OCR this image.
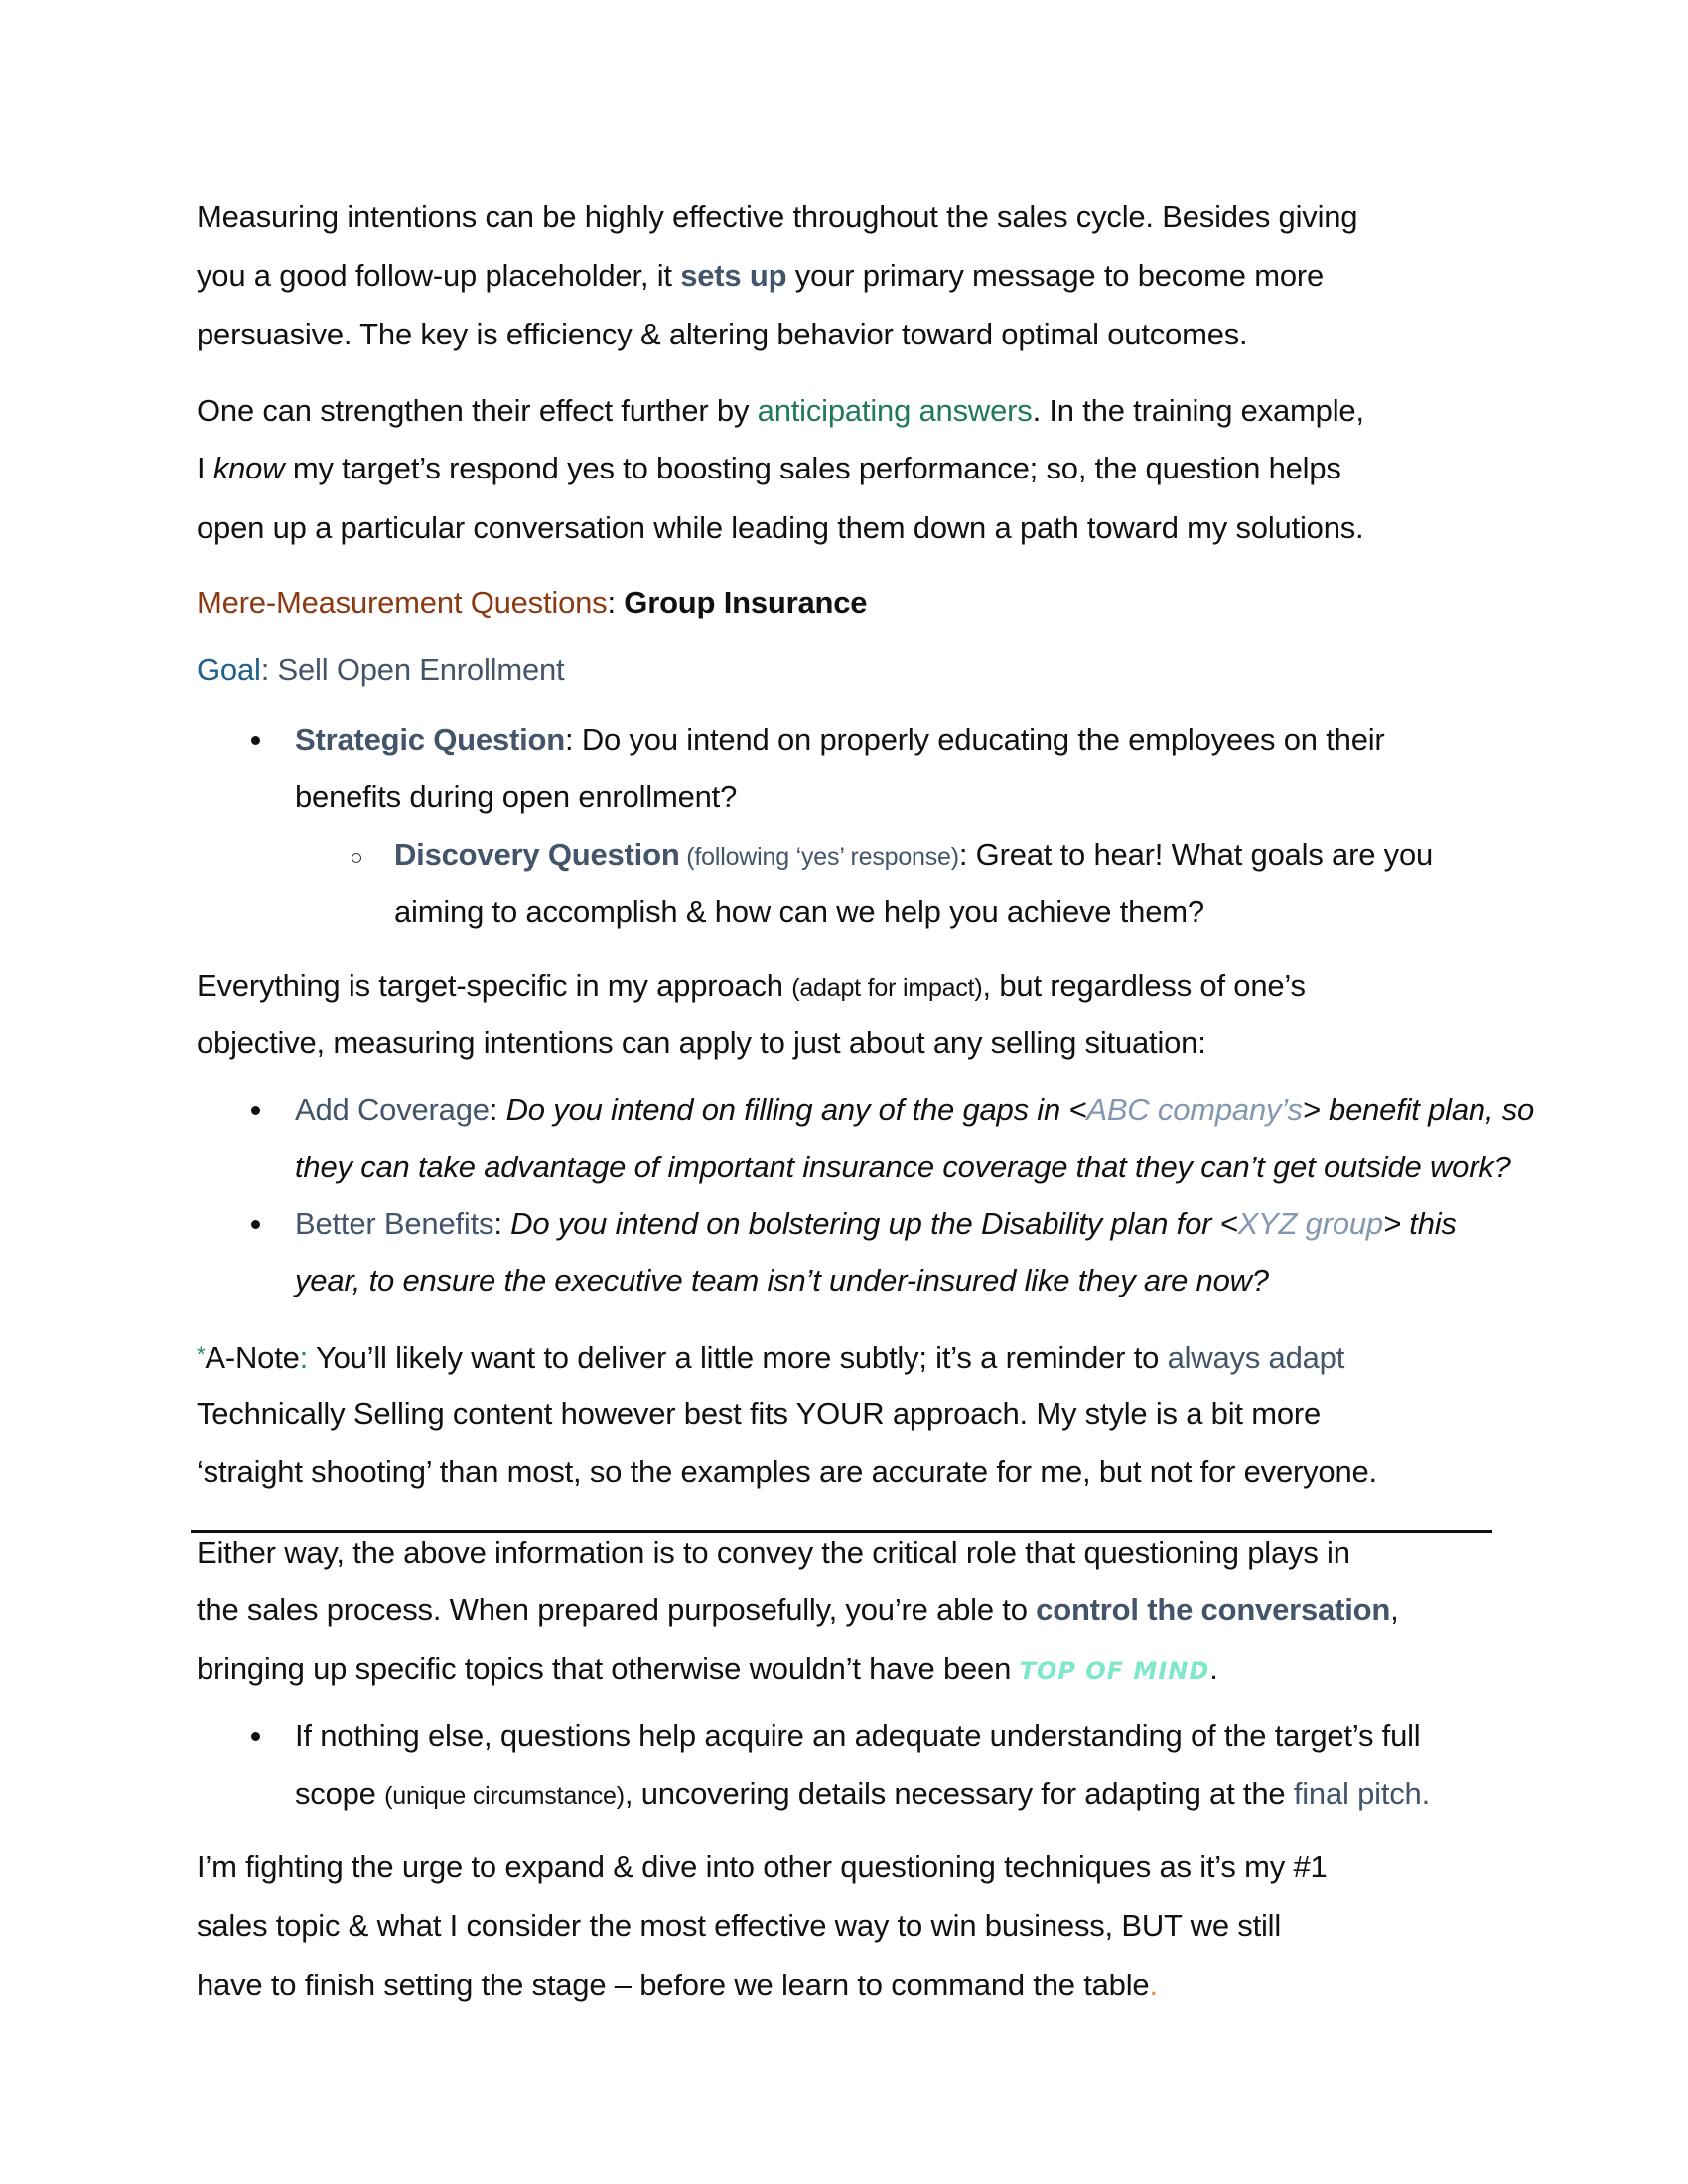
Measuring intentions can be highly effective throughout the sales cycle. Besides giving
you a good follow-up placeholder, it sets up your primary message to become more
persuasive. The key is efficiency & altering behavior toward optimal outcomes.
One can strengthen their effect further by anticipating answers. In the training example,
I know my target’s respond yes to boosting sales performance; so, the question helps
open up a particular conversation while leading them down a path toward my solutions.
Mere-Measurement Questions: Group Insurance
Goal: Sell Open Enrollment
Strategic Question: Do you intend on properly educating the employees on their
benefits during open enrollment?
Discovery Question (following ‘yes’ response): Great to hear! What goals are you
aiming to accomplish & how can we help you achieve them?
Everything is target-specific in my approach (adapt for impact), but regardless of one’s
objective, measuring intentions can apply to just about any selling situation:
Add Coverage: Do you intend on filling any of the gaps in <ABC company’s> benefit plan, so
they can take advantage of important insurance coverage that they can’t get outside work?
Better Benefits: Do you intend on bolstering up the Disability plan for <XYZ group> this
year, to ensure the executive team isn’t under-insured like they are now?
*A-Note: You’ll likely want to deliver a little more subtly; it’s a reminder to always adapt
Technically Selling content however best fits YOUR approach. My style is a bit more
‘straight shooting’ than most, so the examples are accurate for me, but not for everyone.
Either way, the above information is to convey the critical role that questioning plays in
the sales process. When prepared purposefully, you’re able to control the conversation,
bringing up specific topics that otherwise wouldn’t have been TOP OF MIND.
If nothing else, questions help acquire an adequate understanding of the target’s full
scope (unique circumstance), uncovering details necessary for adapting at the final pitch.
I’m fighting the urge to expand & dive into other questioning techniques as it’s my #1
sales topic & what I consider the most effective way to win business, BUT we still
have to finish setting the stage – before we learn to command the table.
